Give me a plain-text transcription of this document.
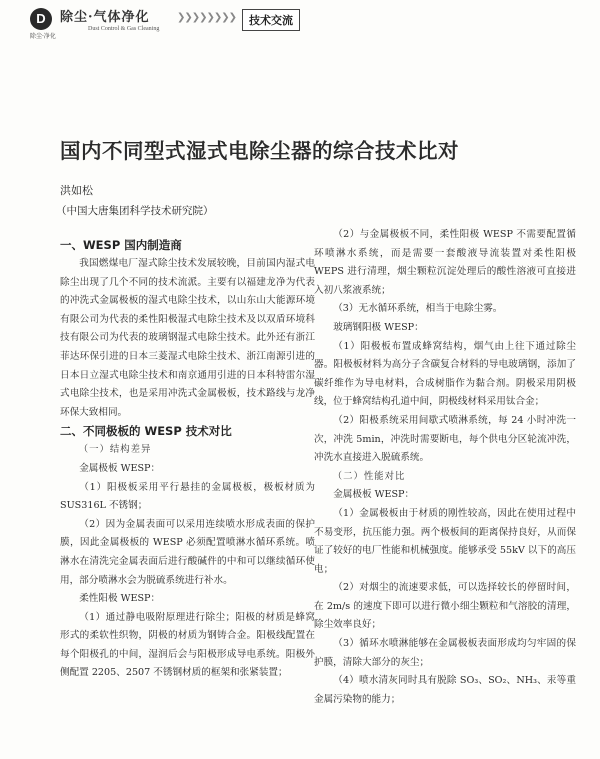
D	除尘·气体净化
Dust Control & Gas Cleaning
除尘·净化
❯❯❯❯❯❯❯❯	技术交流
国内不同型式湿式电除尘器的综合技术比对
洪如松
（中国大唐集团科学技术研究院）

一、WESP 国内制造商

我国燃煤电厂湿式除尘技术发展较晚，目前国内湿式电除尘出现了几个不同的技术流派。主要有以福建龙净为代表的冲洗式金属极板的湿式电除尘技术，以山东山大能源环境有限公司为代表的柔性阳极湿式电除尘技术及以双盾环境科技有限公司为代表的玻璃钢湿式电除尘技术。此外还有浙江菲达环保引进的日本三菱湿式电除尘技术、浙江南源引进的日本日立湿式电除尘技术和南京通用引进的日本科特雷尔湿式电除尘技术，也是采用冲洗式金属极板，技术路线与龙净环保大致相同。

二、不同极板的 WESP 技术对比

（一）结构差异

金属极板 WESP：

（1）阳极板采用平行悬挂的金属极板，极板材质为 SUS316L 不锈钢；

（2）因为金属表面可以采用连续喷水形成表面的保护膜，因此金属极板的 WESP 必须配置喷淋水循环系统。喷淋水在清洗完金属表面后进行酸碱件的中和可以继续循环使用，部分喷淋水会为脱硫系统进行补水。

柔性阳极 WESP：

（1）通过静电吸附原理进行除尘；阳极的材质是蜂窝形式的柔软性织物，阴极的材质为钢铸合金。阳极线配置在每个阳极孔的中间，湿润后会与阳极形成导电系统。阳极外侧配置 2205、2507 不锈钢材质的框架和张紧装置；

（2）与金属极板不同，柔性阳极 WESP 不需要配置循环喷淋水系统，而是需要一套酸液导流装置对柔性阳极 WEPS 进行清理，烟尘颗粒沉淀处理后的酸性溶液可直接进入初八浆液系统；

（3）无水循环系统，相当于电除尘雾。

玻璃钢阳极 WESP：

（1）阳极板布置成蜂窝结构，烟气由上往下通过除尘器。阳极板材料为高分子含碳复合材料的导电玻璃钢，添加了碳纤维作为导电材料，合成树脂作为黏合剂。阴极采用阴极线，位于蜂窝结构孔道中间，阴极线材料采用钛合金；

（2）阳极系统采用间歇式喷淋系统，每 24 小时冲洗一次，冲洗 5min，冲洗时需要断电，每个供电分区轮流冲洗，冲洗水直接进入脱硫系统。

（二）性能对比

金属极板 WESP：

（1）金属极板由于材质的刚性较高，因此在使用过程中不易变形，抗压能力强。两个极板间的距离保持良好，从而保证了较好的电厂性能和机械强度。能够承受 55kV 以下的高压电；

（2）对烟尘的流速要求低，可以选择较长的停留时间，在 2m/s 的速度下即可以进行微小细尘颗粒和气溶胶的清理，除尘效率良好；

（3）循环水喷淋能够在金属极板表面形成均匀牢固的保护膜，清除大部分的灰尘；

（4）喷水清灰同时具有脱除 SO₃、SO₂、NH₃、汞等重金属污染物的能力；
